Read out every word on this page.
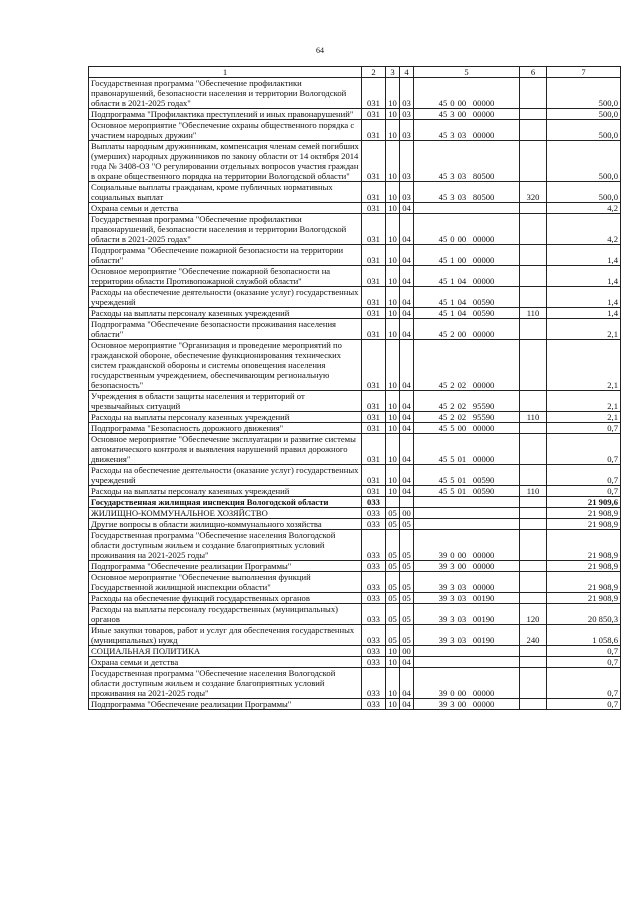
64
1	2	3	4	5	6	7
Государственная программа "Обеспечение профилактики правонарушений, безопасности населения и территории Вологодской области в 2021-2025 годах"	031	10	03	45 0 00 00000		500,0
Подпрограмма "Профилактика преступлений и иных правонарушений"	031	10	03	45 3 00 00000		500,0
Основное мероприятие "Обеспечение охраны общественного порядка с участием народных дружин"	031	10	03	45 3 03 00000		500,0
Выплаты народным дружинникам, компенсация членам семей погибших (умерших) народных дружинников по закону области от 14 октября 2014 года № 3408-ОЗ "О регулировании отдельных вопросов участия граждан в охране общественного порядка на территории Вологодской области"	031	10	03	45 3 03 80500		500,0
Социальные выплаты гражданам, кроме публичных нормативных социальных выплат	031	10	03	45 3 03 80500	320	500,0
Охрана семьи и детства	031	10	04			4,2
Государственная программа "Обеспечение профилактики правонарушений, безопасности населения и территории Вологодской области в 2021-2025 годах"	031	10	04	45 0 00 00000		4,2
Подпрограмма "Обеспечение пожарной безопасности на территории области"	031	10	04	45 1 00 00000		1,4
Основное мероприятие "Обеспечение пожарной безопасности на территории области Противопожарной службой области"	031	10	04	45 1 04 00000		1,4
Расходы на обеспечение деятельности (оказание услуг) государственных учреждений	031	10	04	45 1 04 00590		1,4
Расходы на выплаты персоналу казенных учреждений	031	10	04	45 1 04 00590	110	1,4
Подпрограмма "Обеспечение безопасности проживания населения области"	031	10	04	45 2 00 00000		2,1
Основное мероприятие "Организация и проведение мероприятий по гражданской обороне, обеспечение функционирования технических систем гражданской обороны и системы оповещения населения государственным учреждением, обеспечивающим региональную безопасность"	031	10	04	45 2 02 00000		2,1
Учреждения в области защиты населения и территорий от чрезвычайных ситуаций	031	10	04	45 2 02 95590		2,1
Расходы на выплаты персоналу казенных учреждений	031	10	04	45 2 02 95590	110	2,1
Подпрограмма "Безопасность дорожного движения"	031	10	04	45 5 00 00000		0,7
Основное мероприятие "Обеспечение эксплуатации и развитие системы автоматического контроля и выявления нарушений правил дорожного движения"	031	10	04	45 5 01 00000		0,7
Расходы на обеспечение деятельности (оказание услуг) государственных учреждений	031	10	04	45 5 01 00590		0,7
Расходы на выплаты персоналу казенных учреждений	031	10	04	45 5 01 00590	110	0,7
Государственная жилищная инспекция Вологодской области	033					21 909,6
ЖИЛИЩНО-КОММУНАЛЬНОЕ ХОЗЯЙСТВО	033	05	00			21 908,9
Другие вопросы в области жилищно-коммунального хозяйства	033	05	05			21 908,9
Государственная программа "Обеспечение населения Вологодской области доступным жильем и создание благоприятных условий проживания на 2021-2025 годы"	033	05	05	39 0 00 00000		21 908,9
Подпрограмма "Обеспечение реализации Программы"	033	05	05	39 3 00 00000		21 908,9
Основное мероприятие "Обеспечение выполнения функций Государственной жилищной инспекции области"	033	05	05	39 3 03 00000		21 908,9
Расходы на обеспечение функций государственных органов	033	05	05	39 3 03 00190		21 908,9
Расходы на выплаты персоналу государственных (муниципальных) органов	033	05	05	39 3 03 00190	120	20 850,3
Иные закупки товаров, работ и услуг для обеспечения государственных (муниципальных) нужд	033	05	05	39 3 03 00190	240	1 058,6
СОЦИАЛЬНАЯ ПОЛИТИКА	033	10	00			0,7
Охрана семьи и детства	033	10	04			0,7
Государственная программа "Обеспечение населения Вологодской области доступным жильем и создание благоприятных условий проживания на 2021-2025 годы"	033	10	04	39 0 00 00000		0,7
Подпрограмма "Обеспечение реализации Программы"	033	10	04	39 3 00 00000		0,7
